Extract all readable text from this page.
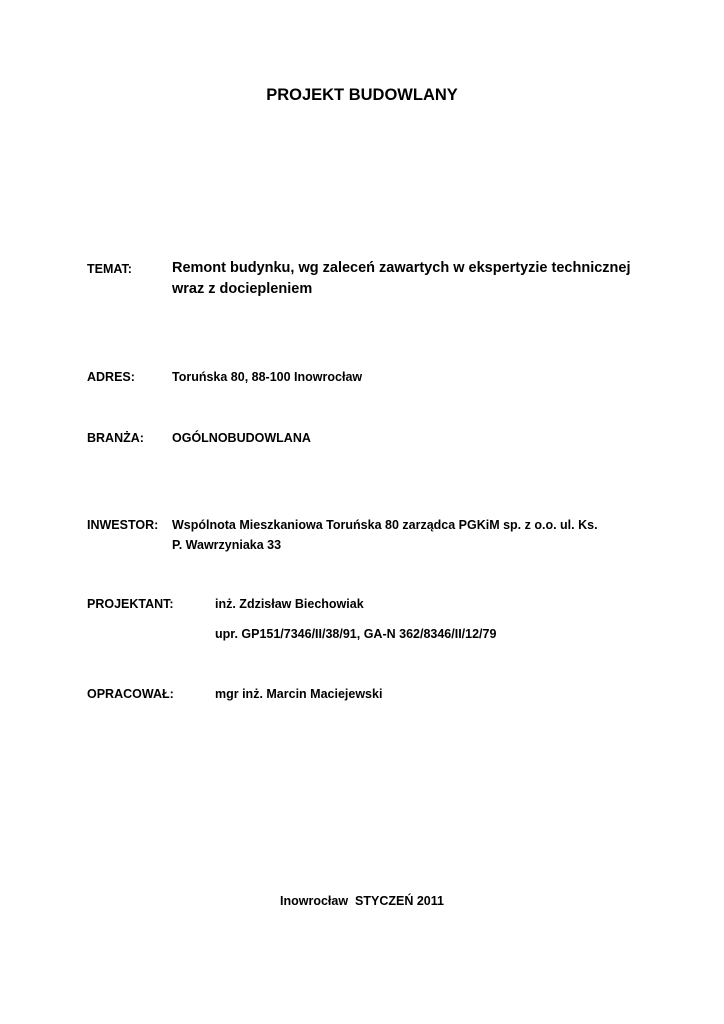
PROJEKT BUDOWLANY
TEMAT:	Remont budynku, wg zaleceń zawartych w ekspertyzie technicznej
wraz z dociepleniem
ADRES:	Toruńska 80, 88-100 Inowrocław
BRANŻA: OGÓLNOBUDOWLANA
INWESTOR: Wspólnota Mieszkaniowa Toruńska 80 zarządca PGKiM sp. z o.o. ul. Ks.
P. Wawrzyniaka 33
PROJEKTANT:	inż. Zdzisław Biechowiak
upr. GP151/7346/II/38/91, GA-N 362/8346/II/12/79
OPRACOWAŁ:	mgr inż. Marcin Maciejewski
Inowrocław  STYCZEŃ 2011
